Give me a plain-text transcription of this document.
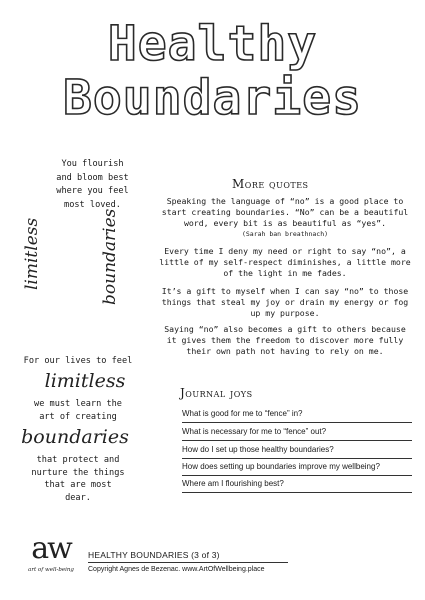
Healthy
Boundaries
You flourish
and bloom best
where you feel
most loved.
limitless	boundaries
For our lives to feel
limitless
we must learn the
art of creating
boundaries
that protect and
nurture the things
that are most
dear.
More quotes
Speaking the language of “no” is a good place to
start creating boundaries. “No” can be a beautiful
word, every bit is as beautiful as “yes”.
(Sarah ban breathnach)
Every time I deny my need or right to say “no”, a
little of my self-respect diminishes, a little more
of the light in me fades.
It’s a gift to myself when I can say “no” to those
things that steal my joy or drain my energy or fog
up my purpose.
Saying “no” also becomes a gift to others because
it gives them the freedom to discover more fully
their own path not having to rely on me.
Journal joys
What is good for me to “fence” in?
What is necessary for me to “fence” out?
How do I set up those healthy boundaries?
How does setting up boundaries improve my wellbeing?
Where am I flourishing best?
aw
art of well-being
HEALTHY BOUNDARIES (3 of 3)
Copyright Agnes de Bezenac. www.ArtOfWellbeing.place
